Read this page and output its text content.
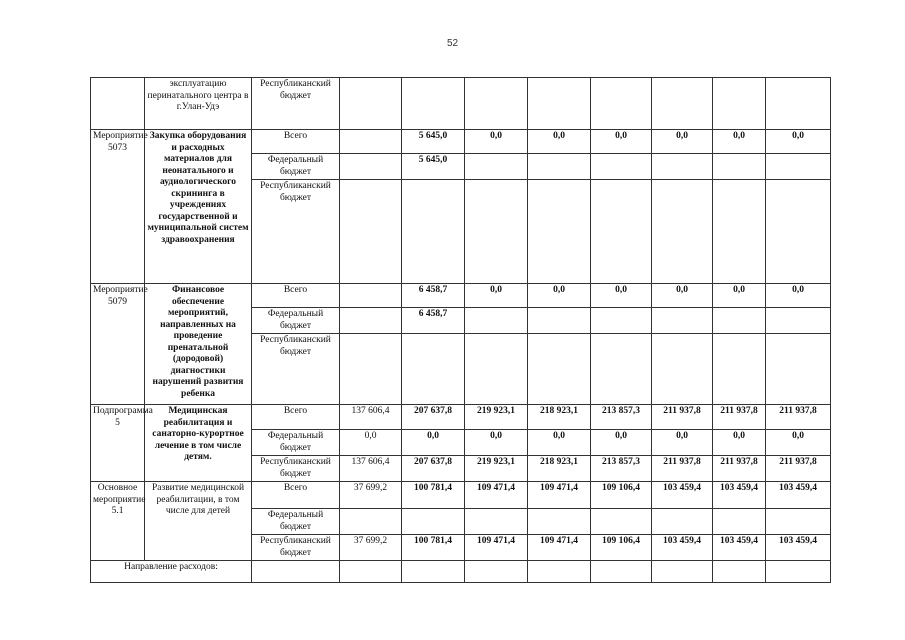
52
	эксплуатацию перинатального центра в г.Улан-Удэ	Республиканский бюджет								
Мероприятие 5073	Закупка оборудования и расходных материалов для неонатального и аудиологического скрининга в учреждениях государственной и муниципальной систем здравоохранения	Всего		5 645,0	0,0	0,0	0,0	0,0	0,0	0,0
		Федеральный бюджет		5 645,0						
		Республиканский бюджет								
Мероприятие 5079	Финансовое обеспечение мероприятий, направленных на проведение пренатальной (дородовой) диагностики нарушений развития ребенка	Всего		6 458,7	0,0	0,0	0,0	0,0	0,0	0,0
		Федеральный бюджет		6 458,7						
		Республиканский бюджет								
Подпрограмма 5	Медицинская реабилитация и санаторно-курортное лечение в том числе детям.	Всего	137 606,4	207 637,8	219 923,1	218 923,1	213 857,3	211 937,8	211 937,8	211 937,8
		Федеральный бюджет	0,0	0,0	0,0	0,0	0,0	0,0	0,0	0,0
		Республиканский бюджет	137 606,4	207 637,8	219 923,1	218 923,1	213 857,3	211 937,8	211 937,8	211 937,8
Основное мероприятие 5.1	Развитие медицинской реабилитации, в том числе для детей	Всего	37 699,2	100 781,4	109 471,4	109 471,4	109 106,4	103 459,4	103 459,4	103 459,4
		Федеральный бюджет								
		Республиканский бюджет	37 699,2	100 781,4	109 471,4	109 471,4	109 106,4	103 459,4	103 459,4	103 459,4
Направление расходов:										
